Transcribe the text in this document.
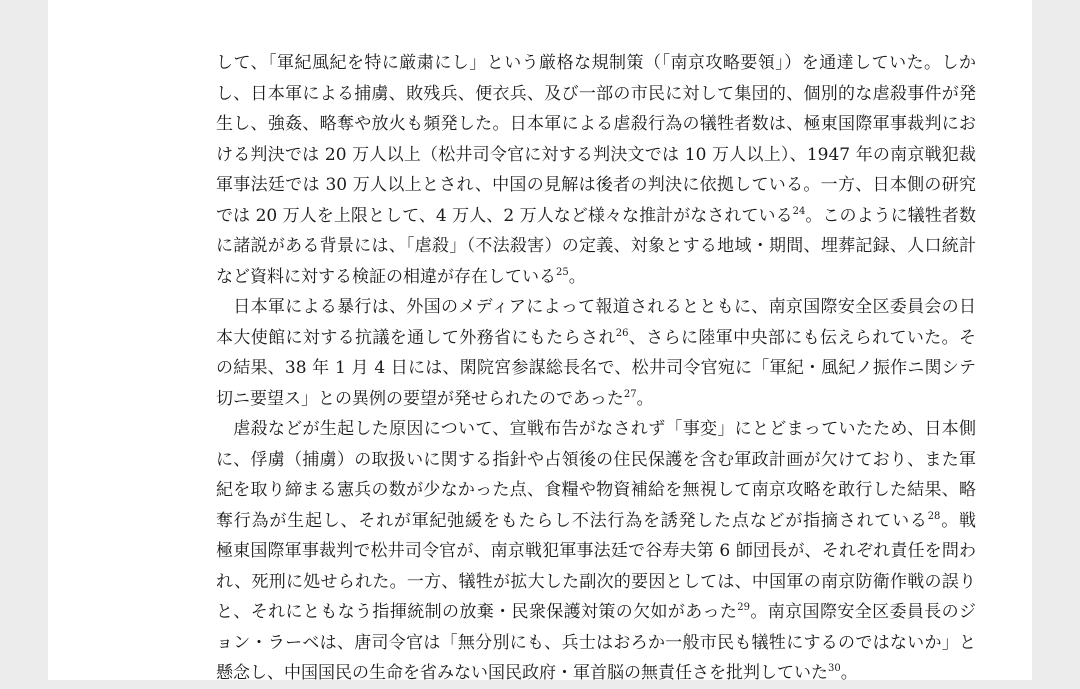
して、「軍紀風紀を特に厳粛にし」という厳格な規制策（「南京攻略要領」）を通達していた。しか
し、日本軍による捕虜、敗残兵、便衣兵、及び一部の市民に対して集団的、個別的な虐殺事件が発
生し、強姦、略奪や放火も頻発した。日本軍による虐殺行為の犠牲者数は、極東国際軍事裁判にお
ける判決では 20 万人以上（松井司令官に対する判決文では 10 万人以上）、1947 年の南京戦犯裁
軍事法廷では 30 万人以上とされ、中国の見解は後者の判決に依拠している。一方、日本側の研究
では 20 万人を上限として、4 万人、2 万人など様々な推計がなされている$^{24}$。このように犠牲者数
に諸説がある背景には、「虐殺」（不法殺害）の定義、対象とする地域・期間、埋葬記録、人口統計
など資料に対する検証の相違が存在している$^{25}$。
　日本軍による暴行は、外国のメディアによって報道されるとともに、南京国際安全区委員会の日
本大使館に対する抗議を通して外務省にもたらされ$^{26}$、さらに陸軍中央部にも伝えられていた。そ
の結果、38 年 1 月 4 日には、閑院宮参謀総長名で、松井司令官宛に「軍紀・風紀ノ振作ニ関シテ
切ニ要望ス」との異例の要望が発せられたのであった$^{27}$。
　虐殺などが生起した原因について、宣戦布告がなされず「事変」にとどまっていたため、日本側
に、俘虜（捕虜）の取扱いに関する指針や占領後の住民保護を含む軍政計画が欠けており、また軍
紀を取り締まる憲兵の数が少なかった点、食糧や物資補給を無視して南京攻略を敢行した結果、略
奪行為が生起し、それが軍紀弛緩をもたらし不法行為を誘発した点などが指摘されている$^{28}$。戦
極東国際軍事裁判で松井司令官が、南京戦犯軍事法廷で谷寿夫第 6 師団長が、それぞれ責任を問わ
れ、死刑に処せられた。一方、犠牲が拡大した副次的要因としては、中国軍の南京防衛作戦の誤り
と、それにともなう指揮統制の放棄・民衆保護対策の欠如があった$^{29}$。南京国際安全区委員長のジ
ョン・ラーベは、唐司令官は「無分別にも、兵士はおろか一般市民も犠牲にするのではないか」と
懸念し、中国国民の生命を省みない国民政府・軍首脳の無責任さを批判していた$^{30}$。
